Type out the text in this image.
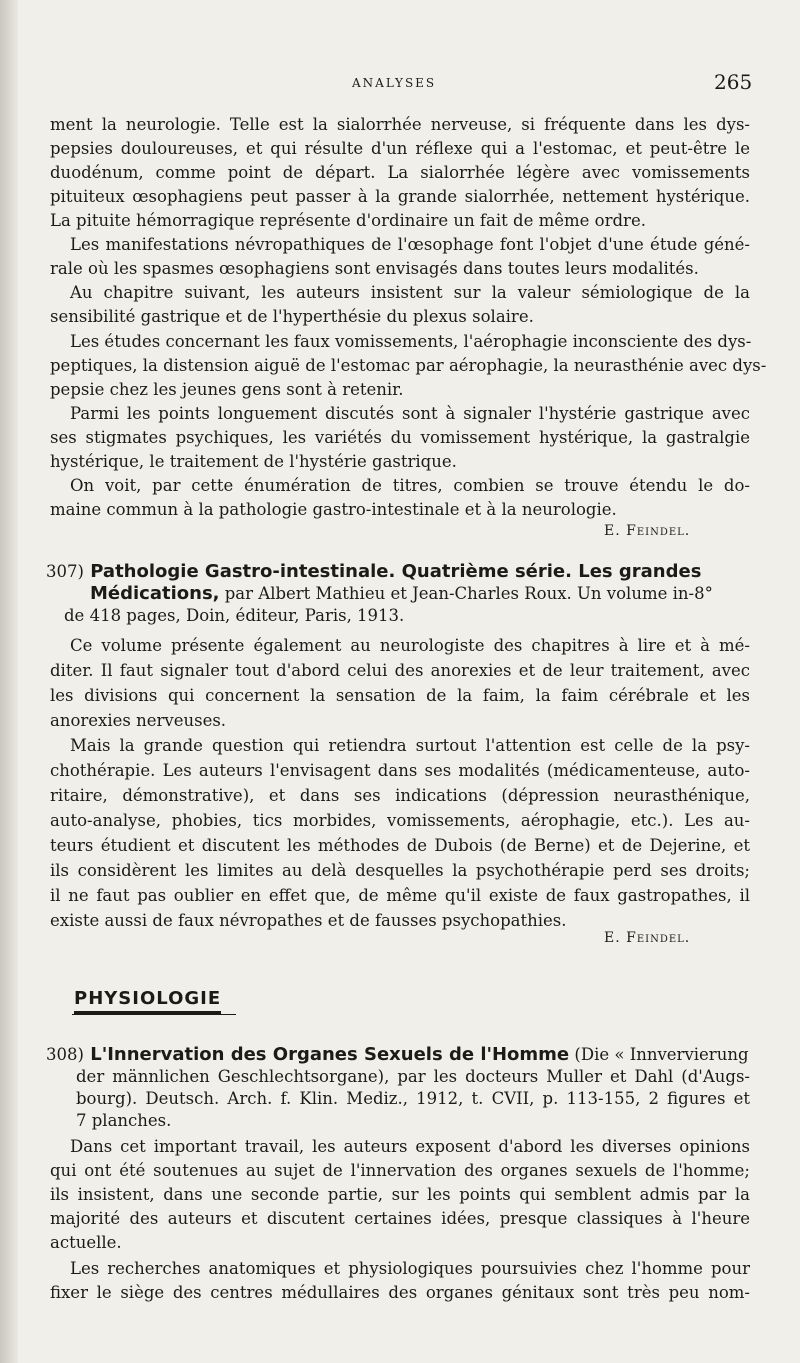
ANALYSES	265
ment la neurologie. Telle est la sialorrhée nerveuse, si fréquente dans les dys-
pepsies douloureuses, et qui résulte d'un réflexe qui a l'estomac, et peut-être le
duodénum, comme point de départ. La sialorrhée légère avec vomissements
pituiteux œsophagiens peut passer à la grande sialorrhée, nettement hystérique.
La pituite hémorragique représente d'ordinaire un fait de même ordre.
Les manifestations névropathiques de l'œsophage font l'objet d'une étude géné-
rale où les spasmes œsophagiens sont envisagés dans toutes leurs modalités.
Au chapitre suivant, les auteurs insistent sur la valeur sémiologique de la
sensibilité gastrique et de l'hyperthésie du plexus solaire.
Les études concernant les faux vomissements, l'aérophagie inconsciente des dys-
peptiques, la distension aiguë de l'estomac par aérophagie, la neurasthénie avec dys-
pepsie chez les jeunes gens sont à retenir.
Parmi les points longuement discutés sont à signaler l'hystérie gastrique avec
ses stigmates psychiques, les variétés du vomissement hystérique, la gastralgie
hystérique, le traitement de l'hystérie gastrique.
On voit, par cette énumération de titres, combien se trouve étendu le do-
maine commun à la pathologie gastro-intestinale et à la neurologie.
E. Feindel.
307) Pathologie Gastro-intestinale. Quatrième série. Les grandes
Médications, par Albert Mathieu et Jean-Charles Roux. Un volume in-8°
de 418 pages, Doin, éditeur, Paris, 1913.
Ce volume présente également au neurologiste des chapitres à lire et à mé-
diter. Il faut signaler tout d'abord celui des anorexies et de leur traitement, avec
les divisions qui concernent la sensation de la faim, la faim cérébrale et les
anorexies nerveuses.
Mais la grande question qui retiendra surtout l'attention est celle de la psy-
chothérapie. Les auteurs l'envisagent dans ses modalités (médicamenteuse, auto-
ritaire, démonstrative), et dans ses indications (dépression neurasthénique,
auto-analyse, phobies, tics morbides, vomissements, aérophagie, etc.). Les au-
teurs étudient et discutent les méthodes de Dubois (de Berne) et de Dejerine, et
ils considèrent les limites au delà desquelles la psychothérapie perd ses droits;
il ne faut pas oublier en effet que, de même qu'il existe de faux gastropathes, il
existe aussi de faux névropathes et de fausses psychopathies.
E. Feindel.
PHYSIOLOGIE
308) L'Innervation des Organes Sexuels de l'Homme (Die « Innvervierung
der männlichen Geschlechtsorgane), par les docteurs Muller et Dahl (d'Augs-
bourg). Deutsch. Arch. f. Klin. Mediz., 1912, t. CVII, p. 113-155, 2 figures et
7 planches.
Dans cet important travail, les auteurs exposent d'abord les diverses opinions
qui ont été soutenues au sujet de l'innervation des organes sexuels de l'homme;
ils insistent, dans une seconde partie, sur les points qui semblent admis par la
majorité des auteurs et discutent certaines idées, presque classiques à l'heure
actuelle.
Les recherches anatomiques et physiologiques poursuivies chez l'homme pour
fixer le siège des centres médullaires des organes génitaux sont très peu nom-
